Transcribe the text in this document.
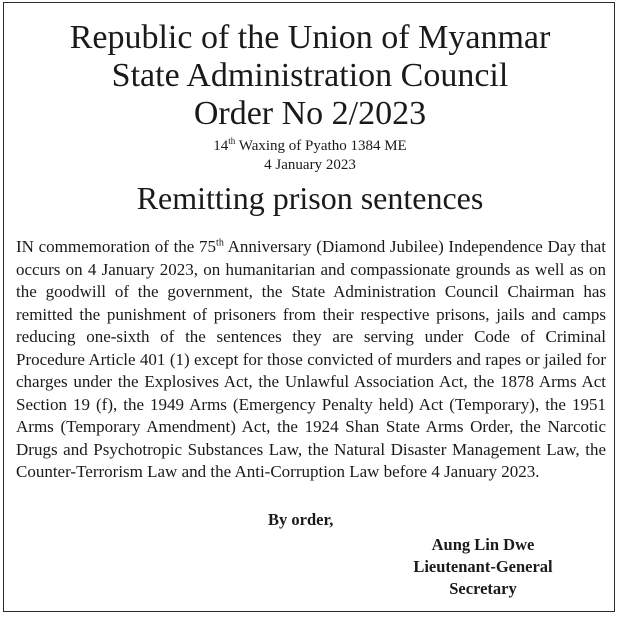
Republic of the Union of Myanmar
State Administration Council
Order No 2/2023
14th Waxing of Pyatho 1384 ME
4 January 2023
Remitting prison sentences

IN commemoration of the 75th Anniversary (Diamond Jubilee) Independence Day that occurs on 4 January 2023, on humanitarian and compassionate grounds as well as on the goodwill of the government, the State Administration Council Chairman has remitted the punishment of prisoners from their respective prisons, jails and camps reducing one-sixth of the sentences they are serving under Code of Criminal Procedure Article 401 (1) except for those convicted of murders and rapes or jailed for charges under the Explosives Act, the Unlawful Association Act, the 1878 Arms Act Section 19 (f), the 1949 Arms (Emergency Penalty held) Act (Temporary), the 1951 Arms (Temporary Amendment) Act, the 1924 Shan State Arms Order, the Narcotic Drugs and Psychotropic Substances Law, the Natural Disaster Management Law, the Counter-Terrorism Law and the Anti-Corruption Law before 4 January 2023.

By order,
Aung Lin Dwe
Lieutenant-General
Secretary
